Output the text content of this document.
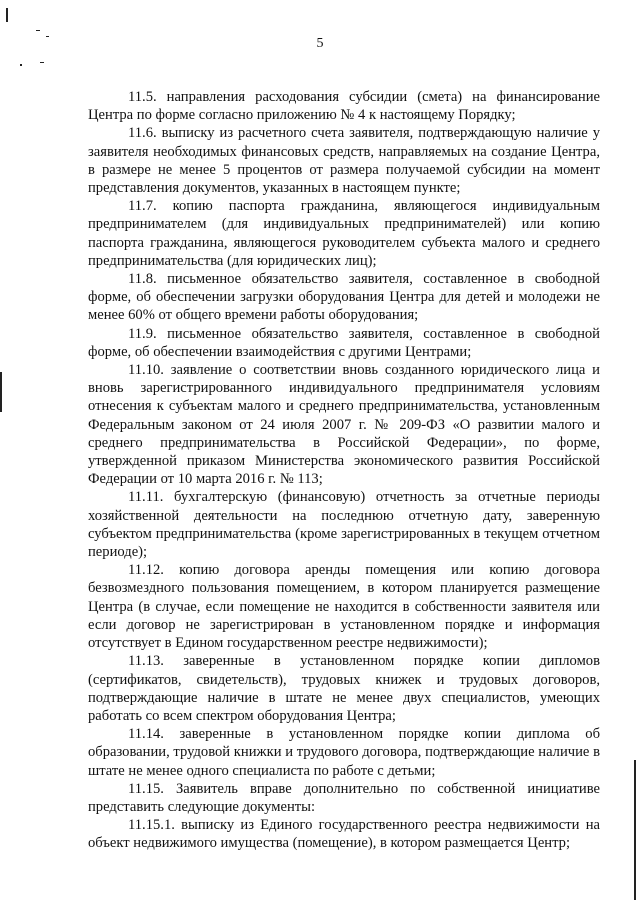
5

11.5. направления расходования субсидии (смета) на финансирование Центра по форме согласно приложению № 4 к настоящему Порядку;

11.6. выписку из расчетного счета заявителя, подтверждающую наличие у заявителя необходимых финансовых средств, направляемых на создание Центра, в размере не менее 5 процентов от размера получаемой субсидии на момент представления документов, указанных в настоящем пункте;

11.7. копию паспорта гражданина, являющегося индивидуальным предпринимателем (для индивидуальных предпринимателей) или копию паспорта гражданина, являющегося руководителем субъекта малого и среднего предпринимательства (для юридических лиц);

11.8. письменное обязательство заявителя, составленное в свободной форме, об обеспечении загрузки оборудования Центра для детей и молодежи не менее 60% от общего времени работы оборудования;

11.9. письменное обязательство заявителя, составленное в свободной форме, об обеспечении взаимодействия с другими Центрами;

11.10. заявление о соответствии вновь созданного юридического лица и вновь зарегистрированного индивидуального предпринимателя условиям отнесения к субъектам малого и среднего предпринимательства, установленным Федеральным законом от 24 июля 2007 г. № 209-ФЗ «О развитии малого и среднего предпринимательства в Российской Федерации», по форме, утвержденной приказом Министерства экономического развития Российской Федерации от 10 марта 2016 г. № 113;

11.11. бухгалтерскую (финансовую) отчетность за отчетные периоды хозяйственной деятельности на последнюю отчетную дату, заверенную субъектом предпринимательства (кроме зарегистрированных в текущем отчетном периоде);

11.12. копию договора аренды помещения или копию договора безвозмездного пользования помещением, в котором планируется размещение Центра (в случае, если помещение не находится в собственности заявителя или если договор не зарегистрирован в установленном порядке и информация отсутствует в Едином государственном реестре недвижимости);

11.13. заверенные в установленном порядке копии дипломов (сертификатов, свидетельств), трудовых книжек и трудовых договоров, подтверждающие наличие в штате не менее двух специалистов, умеющих работать со всем спектром оборудования Центра;

11.14. заверенные в установленном порядке копии диплома об образовании, трудовой книжки и трудового договора, подтверждающие наличие в штате не менее одного специалиста по работе с детьми;

11.15. Заявитель вправе дополнительно по собственной инициативе представить следующие документы:

11.15.1. выписку из Единого государственного реестра недвижимости на объект недвижимого имущества (помещение), в котором размещается Центр;
